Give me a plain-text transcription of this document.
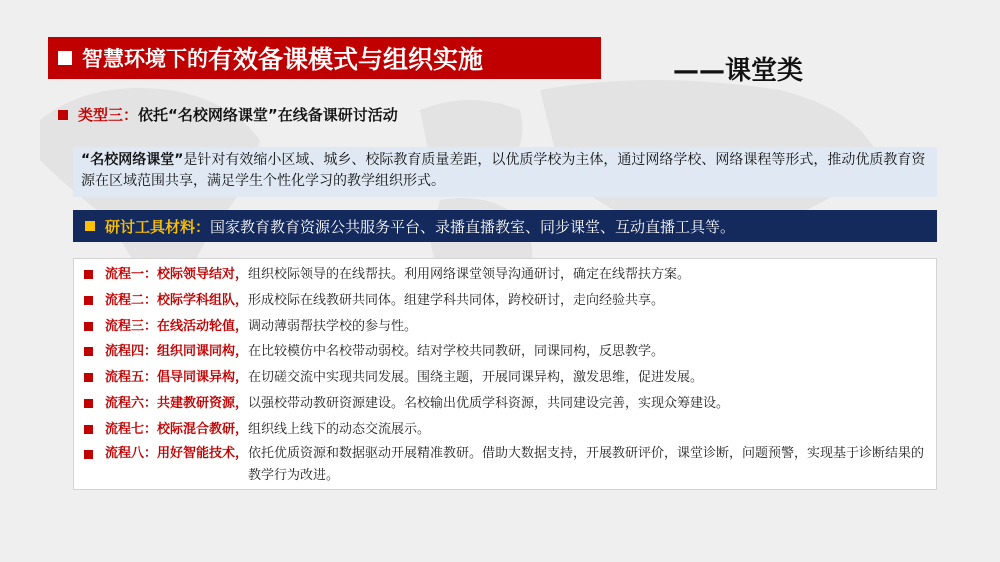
智慧环境下的 有效备课模式与组织实施	——课堂类
类型三： 依托“名校网络课堂”在线备课研讨活动
“名校网络课堂”是针对有效缩小区域、城乡、校际教育质量差距，以优质学校为主体，通过网络学校、网络课程等形式，推动优质教育资源在区域范围共享，满足学生个性化学习的教学组织形式。
研讨工具材料： 国家教育教育资源公共服务平台、录播直播教室、同步课堂、互动直播工具等。
流程一：校际领导结对， 组织校际领导的在线帮扶。利用网络课堂领导沟通研讨，确定在线帮扶方案。
流程二：校际学科组队， 形成校际在线教研共同体。组建学科共同体，跨校研讨，走向经验共享。
流程三：在线活动轮值， 调动薄弱帮扶学校的参与性。
流程四：组织同课同构， 在比较模仿中名校带动弱校。结对学校共同教研，同课同构，反思教学。
流程五：倡导同课异构， 在切磋交流中实现共同发展。围绕主题，开展同课异构，激发思维，促进发展。
流程六：共建教研资源， 以强校带动教研资源建设。名校输出优质学科资源，共同建设完善，实现众筹建设。
流程七：校际混合教研， 组织线上线下的动态交流展示。
流程八：用好智能技术， 依托优质资源和数据驱动开展精准教研。借助大数据支持，开展教研评价，课堂诊断，问题预警，实现基于诊断结果的教学行为改进。
